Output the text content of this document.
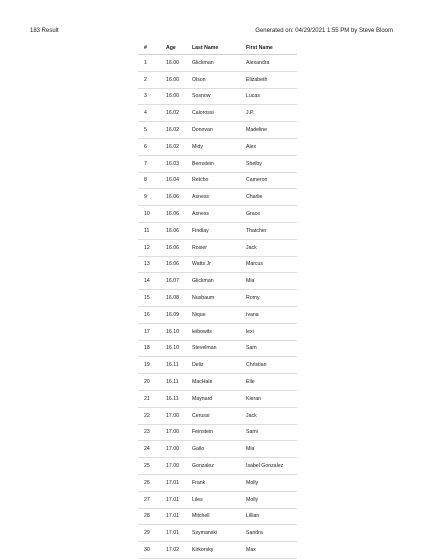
183 Result	Generated on: 04/29/2021 1:55 PM by Steve Bloom
#	Age	Last Name	First Name
1	16.00	Glickman	Alexandra
2	16.00	Olson	Elizabeth
3	16.00	Sosnow	Lucas
4	16.02	Calorossi	J.P.
5	16.02	Donovan	Madeline
6	16.02	Midy	Alex
7	16.03	Bernstein	Shelby
8	16.04	Retcho	Cameron
9	16.06	Asness	Charlie
10	16.06	Asness	Grace
11	16.06	Findlay	Thatcher
12	16.06	Rosier	Jack
13	16.06	Watts Jr	Marcus
14	16.07	Glickman	Mia
15	16.08	Nusbaum	Romy
16	16.09	Nique	Ivana
17	16.10	leibowits	lexi
18	16.10	Stevelman	Sam
19	16.11	Deliz	Christian
20	16.11	MacHale	Elle
21	16.11	Maynard	Kieran
22	17.00	Cerussi	Jack
23	17.00	Feinstein	Sami
24	17.00	Gallo	Mia
25	17.00	Gonzalez	Isabel Gonzalez
26	17.01	Frank	Molly
27	17.01	Liles	Molly
28	17.01	Mitchell	Lillian
29	17.01	Szymanski	Sandra
30	17.02	Kirkorsky	Max
